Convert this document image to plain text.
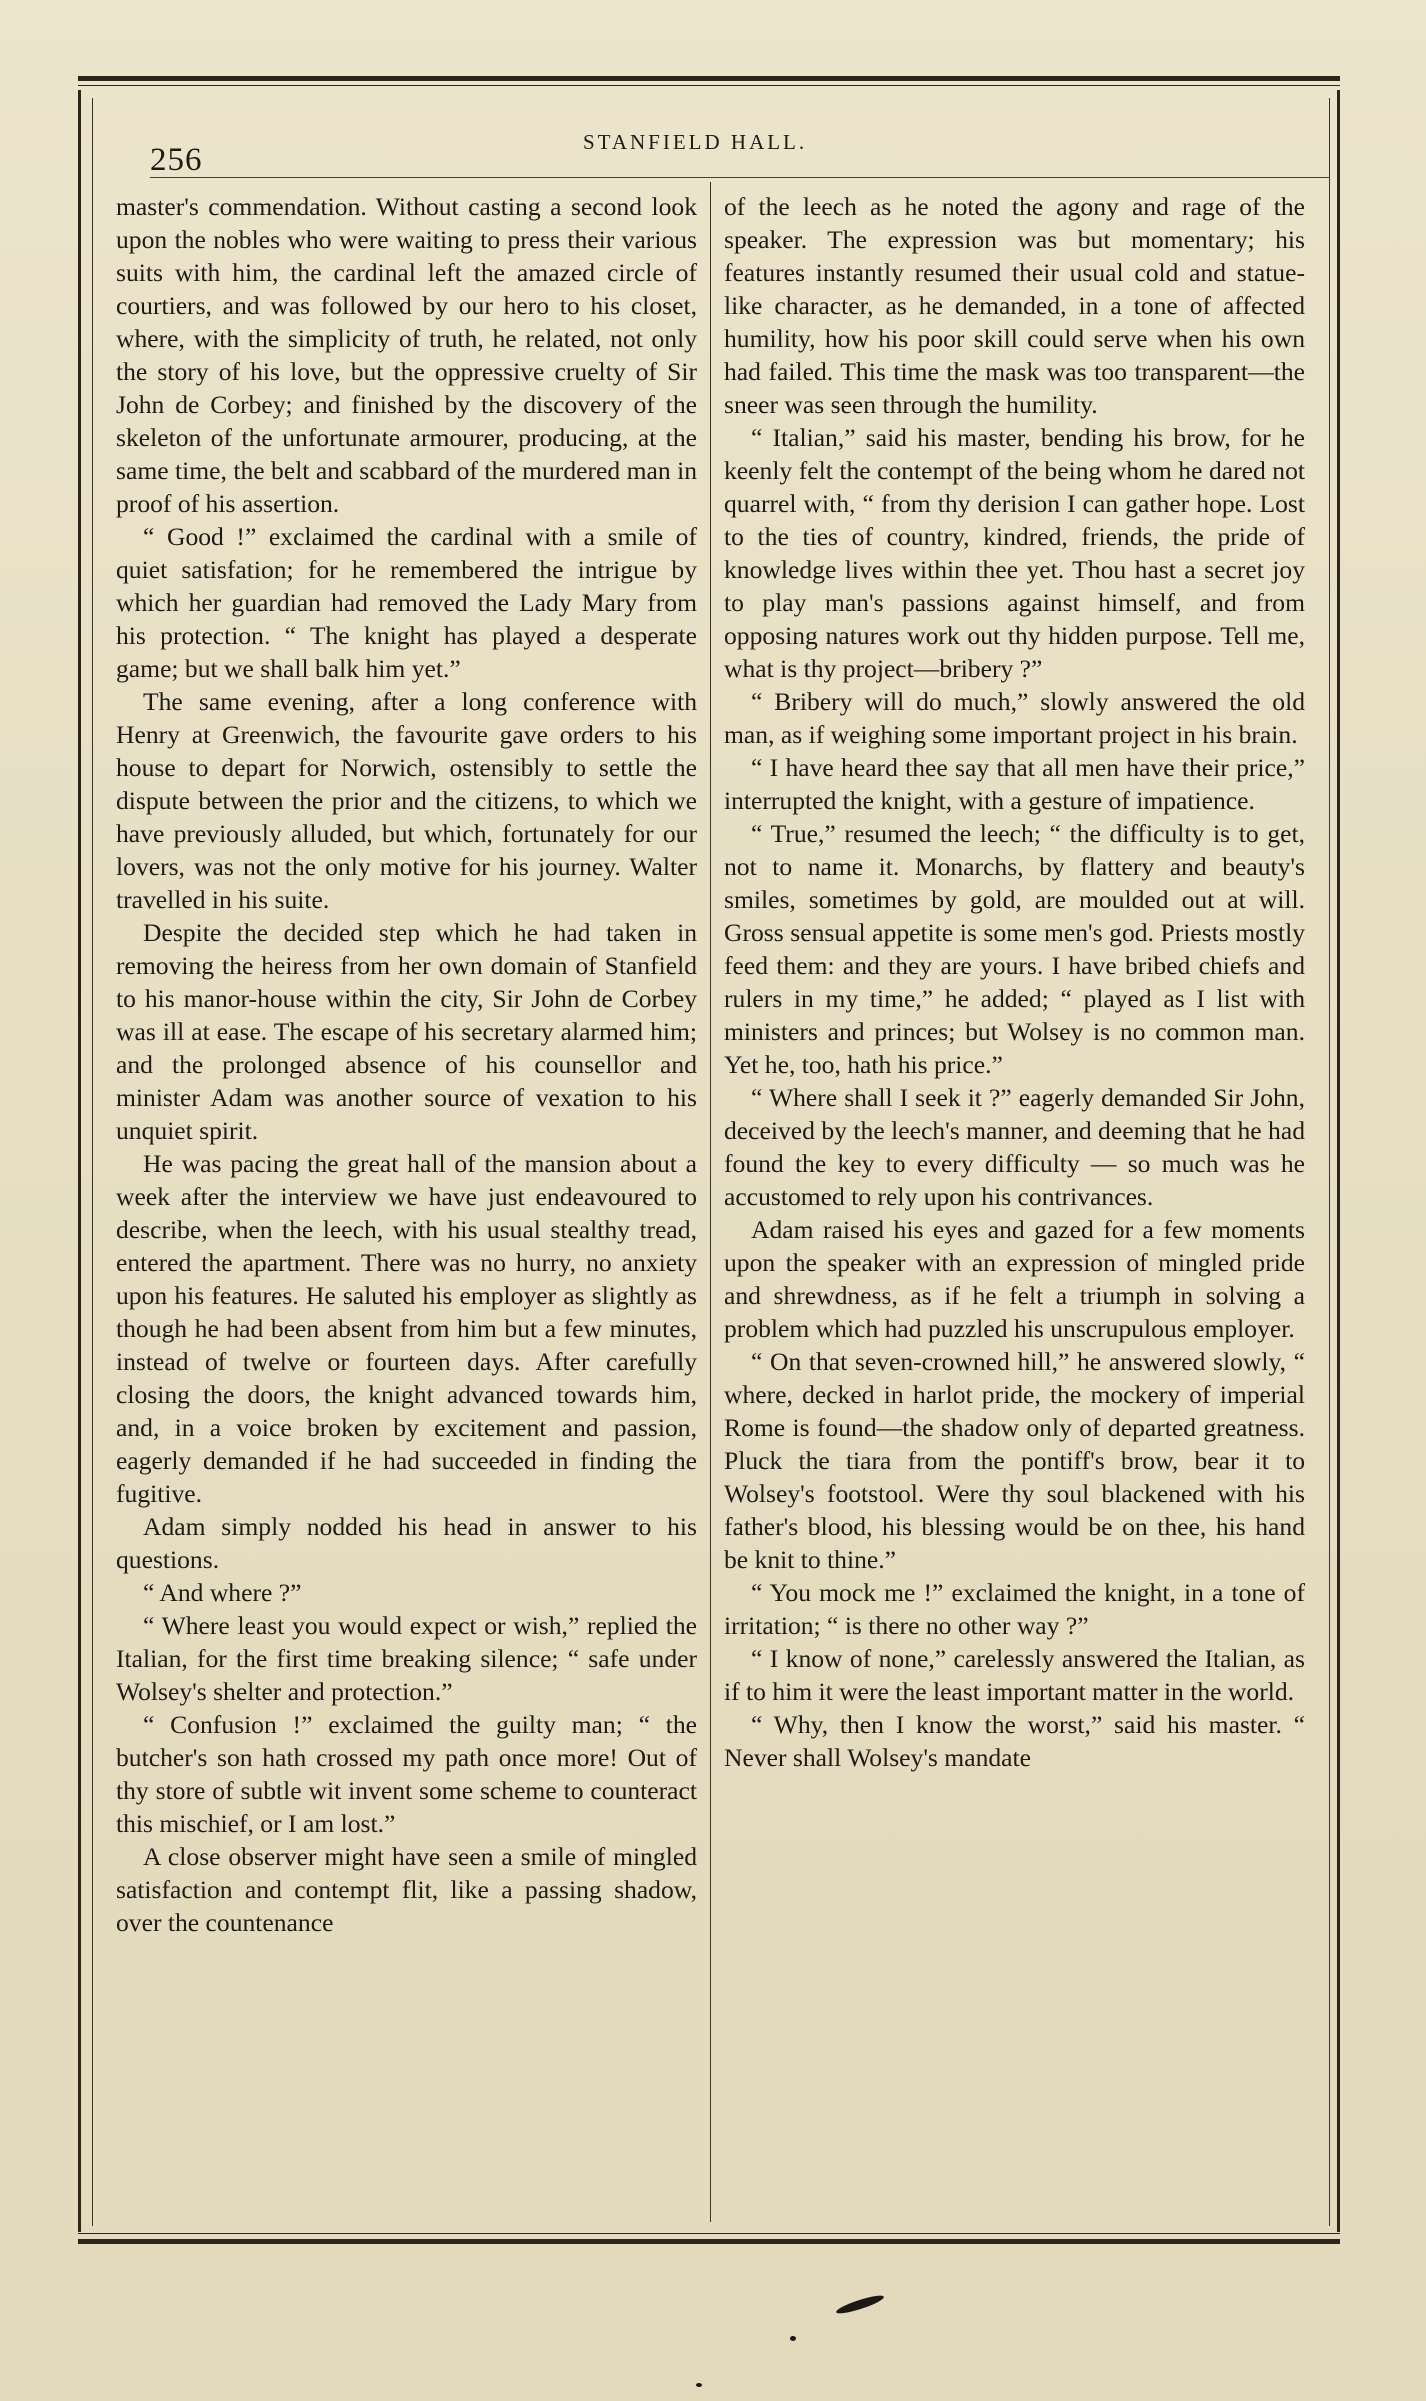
256	STANFIELD HALL.

master's commendation. Without casting a second look upon the nobles who were waiting to press their various suits with him, the cardinal left the amazed circle of courtiers, and was followed by our hero to his closet, where, with the simplicity of truth, he related, not only the story of his love, but the oppressive cruelty of Sir John de Corbey; and finished by the discovery of the skeleton of the unfortunate armourer, producing, at the same time, the belt and scabbard of the murdered man in proof of his assertion.

“ Good !” exclaimed the cardinal with a smile of quiet satisfation; for he remembered the intrigue by which her guardian had removed the Lady Mary from his protection. “ The knight has played a desperate game; but we shall balk him yet.”

The same evening, after a long conference with Henry at Greenwich, the favourite gave orders to his house to depart for Norwich, ostensibly to settle the dispute between the prior and the citizens, to which we have previously alluded, but which, fortunately for our lovers, was not the only motive for his journey. Walter travelled in his suite.

Despite the decided step which he had taken in removing the heiress from her own domain of Stanfield to his manor-house within the city, Sir John de Corbey was ill at ease. The escape of his secretary alarmed him; and the prolonged absence of his counsellor and minister Adam was another source of vexation to his unquiet spirit.

He was pacing the great hall of the mansion about a week after the interview we have just endeavoured to describe, when the leech, with his usual stealthy tread, entered the apartment. There was no hurry, no anxiety upon his features. He saluted his employer as slightly as though he had been absent from him but a few minutes, instead of twelve or fourteen days. After carefully closing the doors, the knight advanced towards him, and, in a voice broken by excitement and passion, eagerly demanded if he had succeeded in finding the fugitive.

Adam simply nodded his head in answer to his questions.

“ And where ?”

“ Where least you would expect or wish,” replied the Italian, for the first time breaking silence; “ safe under Wolsey's shelter and protection.”

“ Confusion !” exclaimed the guilty man; “ the butcher's son hath crossed my path once more! Out of thy store of subtle wit invent some scheme to counteract this mischief, or I am lost.”

A close observer might have seen a smile of mingled satisfaction and contempt flit, like a passing shadow, over the countenance

of the leech as he noted the agony and rage of the speaker. The expression was but momentary; his features instantly resumed their usual cold and statue-like character, as he demanded, in a tone of affected humility, how his poor skill could serve when his own had failed. This time the mask was too transparent—the sneer was seen through the humility.

“ Italian,” said his master, bending his brow, for he keenly felt the contempt of the being whom he dared not quarrel with, “ from thy derision I can gather hope. Lost to the ties of country, kindred, friends, the pride of knowledge lives within thee yet. Thou hast a secret joy to play man's passions against himself, and from opposing natures work out thy hidden purpose. Tell me, what is thy project—bribery ?”

“ Bribery will do much,” slowly answered the old man, as if weighing some important project in his brain.

“ I have heard thee say that all men have their price,” interrupted the knight, with a gesture of impatience.

“ True,” resumed the leech; “ the difficulty is to get, not to name it. Monarchs, by flattery and beauty's smiles, sometimes by gold, are moulded out at will. Gross sensual appetite is some men's god. Priests mostly feed them: and they are yours. I have bribed chiefs and rulers in my time,” he added; “ played as I list with ministers and princes; but Wolsey is no common man. Yet he, too, hath his price.”

“ Where shall I seek it ?” eagerly demanded Sir John, deceived by the leech's manner, and deeming that he had found the key to every difficulty — so much was he accustomed to rely upon his contrivances.

Adam raised his eyes and gazed for a few moments upon the speaker with an expression of mingled pride and shrewdness, as if he felt a triumph in solving a problem which had puzzled his unscrupulous employer.

“ On that seven-crowned hill,” he answered slowly, “ where, decked in harlot pride, the mockery of imperial Rome is found—the shadow only of departed greatness. Pluck the tiara from the pontiff's brow, bear it to Wolsey's footstool. Were thy soul blackened with his father's blood, his blessing would be on thee, his hand be knit to thine.”

“ You mock me !” exclaimed the knight, in a tone of irritation; “ is there no other way ?”

“ I know of none,” carelessly answered the Italian, as if to him it were the least important matter in the world.

“ Why, then I know the worst,” said his master. “ Never shall Wolsey's mandate
